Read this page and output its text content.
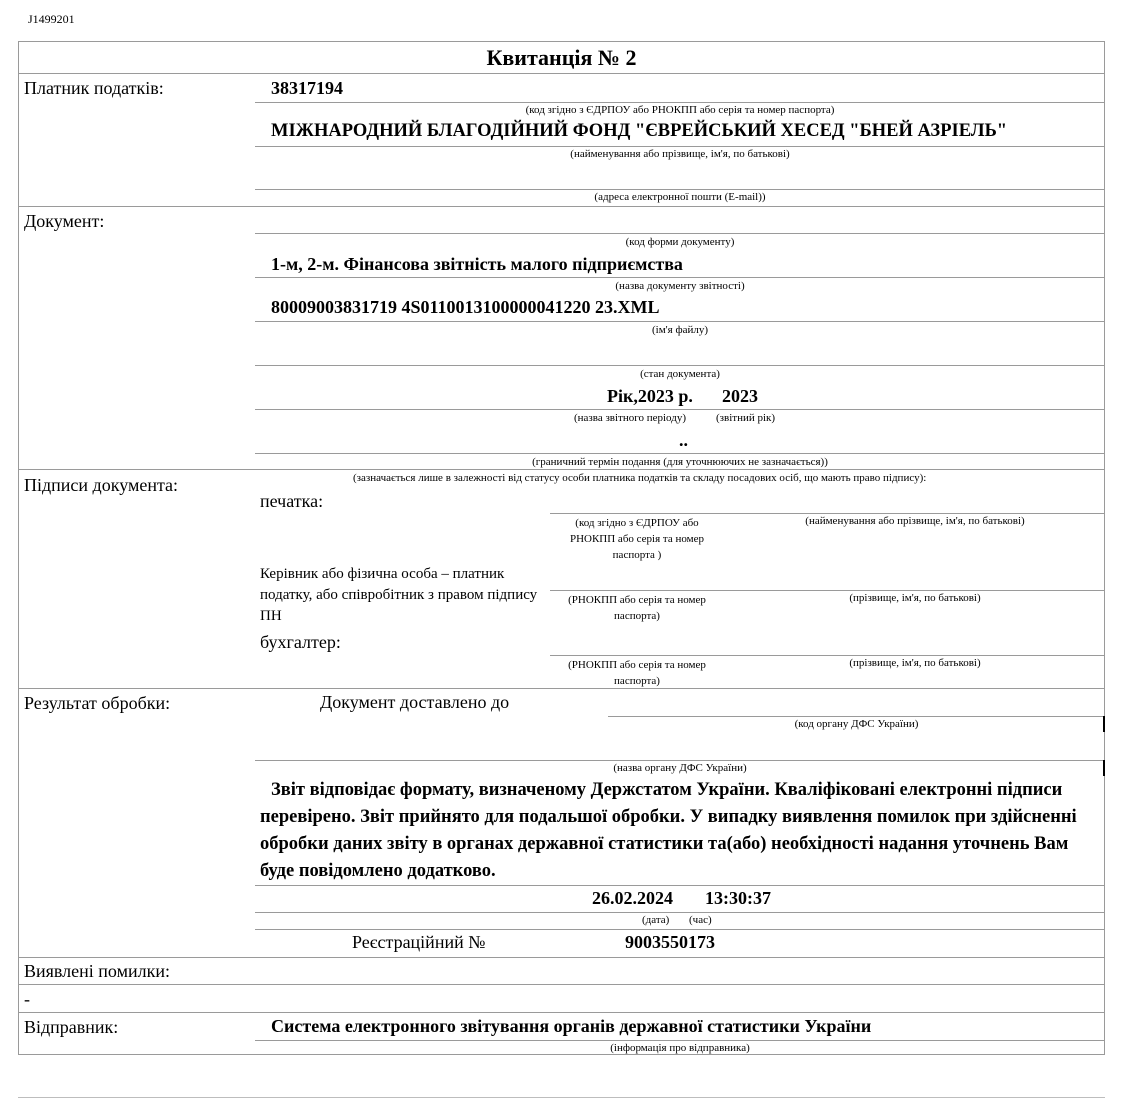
J1499201
Квитанція № 2
Платник податків:	38317194
(код згідно з ЄДРПОУ або РНОКПП або серія та номер паспорта)
МІЖНАРОДНИЙ БЛАГОДІЙНИЙ ФОНД "ЄВРЕЙСЬКИЙ ХЕСЕД "БНЕЙ АЗРІЕЛЬ"
(найменування або прізвище, ім'я, по батькові)
(адреса електронної пошти (E-mail))
Документ:
(код форми документу)
1-м, 2-м. Фінансова звітність малого підприємства
(назва документу звітності)
80009003831719 4S0110013100000041220 23.XML
(ім'я файлу)
(стан документа)
Рік,2023 р. 2023
(назва звітного періоду)	(звітний рік)
..
(граничний термін подання (для уточнюючих не зазначається))
Підписи документа:	(зазначається лише в залежності від статусу особи платника податків та складу посадових осіб, що мають право підпису):
печатка:
(код згідно з ЄДРПОУ або РНОКПП або серія та номер паспорта )
(найменування або прізвище, ім'я, по батькові)
Керівник або фізична особа – платник податку, або співробітник з правом підпису ПН
(РНОКПП або серія та номер паспорта)
(прізвище, ім'я, по батькові)
бухгалтер:
(РНОКПП або серія та номер паспорта)
(прізвище, ім'я, по батькові)
Результат обробки:	Документ доставлено до
(код органу ДФС України)
(назва органу ДФС України)
Звіт відповідає формату, визначеному Держстатом України. Кваліфіковані електронні підписи перевірено. Звіт прийнято для подальшої обробки. У випадку виявлення помилок при здійсненні обробки даних звіту в органах державної статистики та(або) необхідності надання уточнень Вам буде повідомлено додатково.
26.02.2024 13:30:37
(дата) (час)
Реєстраційний №	9003550173
Виявлені помилки:
-
Відправник:	Система електронного звітування органів державної статистики України
(інформація про відправника)
